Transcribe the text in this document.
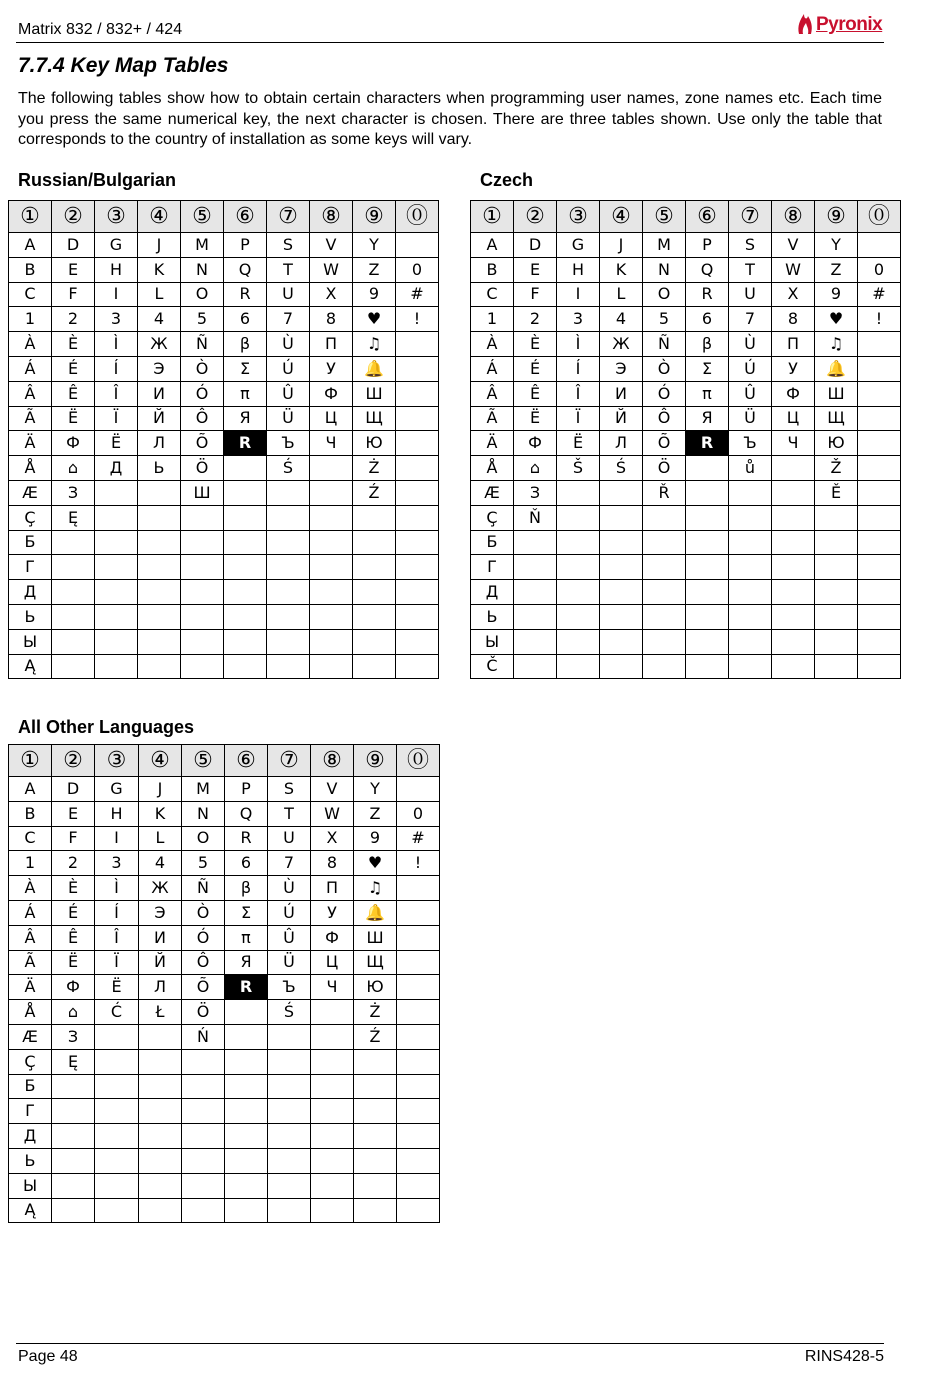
Matrix 832 / 832+ / 424	Pyronix
7.7.4 Key Map Tables
The following tables show how to obtain certain characters when programming user names, zone names etc. Each time you press the same numerical key, the next character is chosen. There are three tables shown. Use only the table that corresponds to the country of installation as some keys will vary.
Russian/Bulgarian	Czech
All Other Languages
①	②	③	④	⑤	⑥	⑦	⑧	⑨	⓪
A	D	G	J	M	P	S	V	Y	
B	E	H	K	N	Q	T	W	Z	0
C	F	I	L	O	R	U	X	9	#
1	2	3	4	5	6	7	8	♥	!
À	È	Ì	Ж	Ñ	β	Ù	П	♫	
Á	É	Í	Э	Ò	Σ	Ú	У	🔔	
Â	Ê	Î	И	Ó	π	Û	Ф	Ш	
Ã	Ë	Ï	Й	Ô	Я	Ü	Ц	Щ	
Ä	Ф	Ё	Л	Õ	R	Ъ	Ч	Ю	
Å	⌂	Д	Ь	Ö		Ś		Ż	
Æ	З			Ш				Ź	
Ç	Ę								
Б									
Г									
Д									
Ь									
Ы									
Ą									
①	②	③	④	⑤	⑥	⑦	⑧	⑨	⓪
A	D	G	J	M	P	S	V	Y	
B	E	H	K	N	Q	T	W	Z	0
C	F	I	L	O	R	U	X	9	#
1	2	3	4	5	6	7	8	♥	!
À	È	Ì	Ж	Ñ	β	Ù	П	♫	
Á	É	Í	Э	Ò	Σ	Ú	У	🔔	
Â	Ê	Î	И	Ó	π	Û	Ф	Ш	
Ã	Ë	Ï	Й	Ô	Я	Ü	Ц	Щ	
Ä	Ф	Ё	Л	Õ	R	Ъ	Ч	Ю	
Å	⌂	Š	Ś	Ö		ů		Ž	
Æ	З			Ř				Ě	
Ç	Ň								
Б									
Г									
Д									
Ь									
Ы									
Č									
①	②	③	④	⑤	⑥	⑦	⑧	⑨	⓪
A	D	G	J	M	P	S	V	Y	
B	E	H	K	N	Q	T	W	Z	0
C	F	I	L	O	R	U	X	9	#
1	2	3	4	5	6	7	8	♥	!
À	È	Ì	Ж	Ñ	β	Ù	П	♫	
Á	É	Í	Э	Ò	Σ	Ú	У	🔔	
Â	Ê	Î	И	Ó	π	Û	Ф	Ш	
Ã	Ë	Ï	Й	Ô	Я	Ü	Ц	Щ	
Ä	Ф	Ё	Л	Õ	R	Ъ	Ч	Ю	
Å	⌂	Ć	Ł	Ö		Ś		Ż	
Æ	З			Ń				Ź	
Ç	Ę								
Б									
Г									
Д									
Ь									
Ы									
Ą									
Page 48	RINS428-5
